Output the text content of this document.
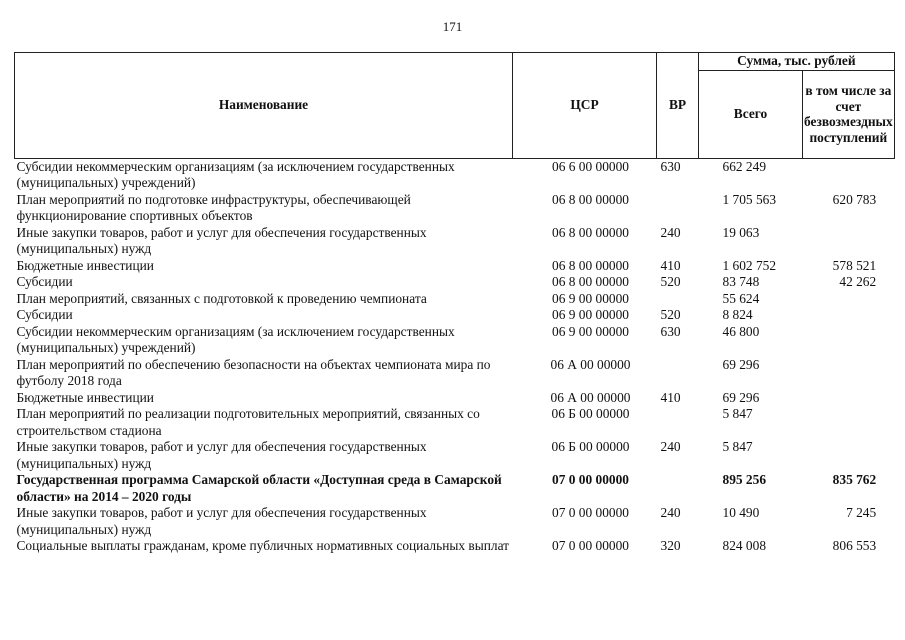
171
Наименование	ЦСР	ВР	Сумма, тыс. рублей	
			Всего	в том числе за счет безвозмездных поступлений
Субсидии некоммерческим организациям (за исключением государственных (муниципальных) учреждений)	06 6 00 00000	630	662 249	
План мероприятий по подготовке инфраструктуры, обеспечивающей функционирование спортивных объектов	06 8 00 00000		1 705 563	620 783
Иные закупки товаров, работ и услуг для обеспечения государственных (муниципальных) нужд	06 8 00 00000	240	19 063	
Бюджетные инвестиции	06 8 00 00000	410	1 602 752	578 521
Субсидии	06 8 00 00000	520	83 748	42 262
План мероприятий, связанных с подготовкой к проведению чемпионата	06 9 00 00000		55 624	
Субсидии	06 9 00 00000	520	8 824	
Субсидии некоммерческим организациям (за исключением государственных (муниципальных) учреждений)	06 9 00 00000	630	46 800	
План мероприятий по обеспечению безопасности на объектах чемпионата мира по футболу 2018 года	06 А 00 00000		69 296	
Бюджетные инвестиции	06 А 00 00000	410	69 296	
План мероприятий по реализации подготовительных мероприятий, связанных со строительством стадиона	06 Б 00 00000		5 847	
Иные закупки товаров, работ и услуг для обеспечения государственных (муниципальных) нужд	06 Б 00 00000	240	5 847	
Государственная программа Самарской области «Доступная среда в Самарской области» на 2014 – 2020 годы	07 0 00 00000		895 256	835 762
Иные закупки товаров, работ и услуг для обеспечения государственных (муниципальных) нужд	07 0 00 00000	240	10 490	7 245
Социальные выплаты гражданам, кроме публичных нормативных социальных выплат	07 0 00 00000	320	824 008	806 553
